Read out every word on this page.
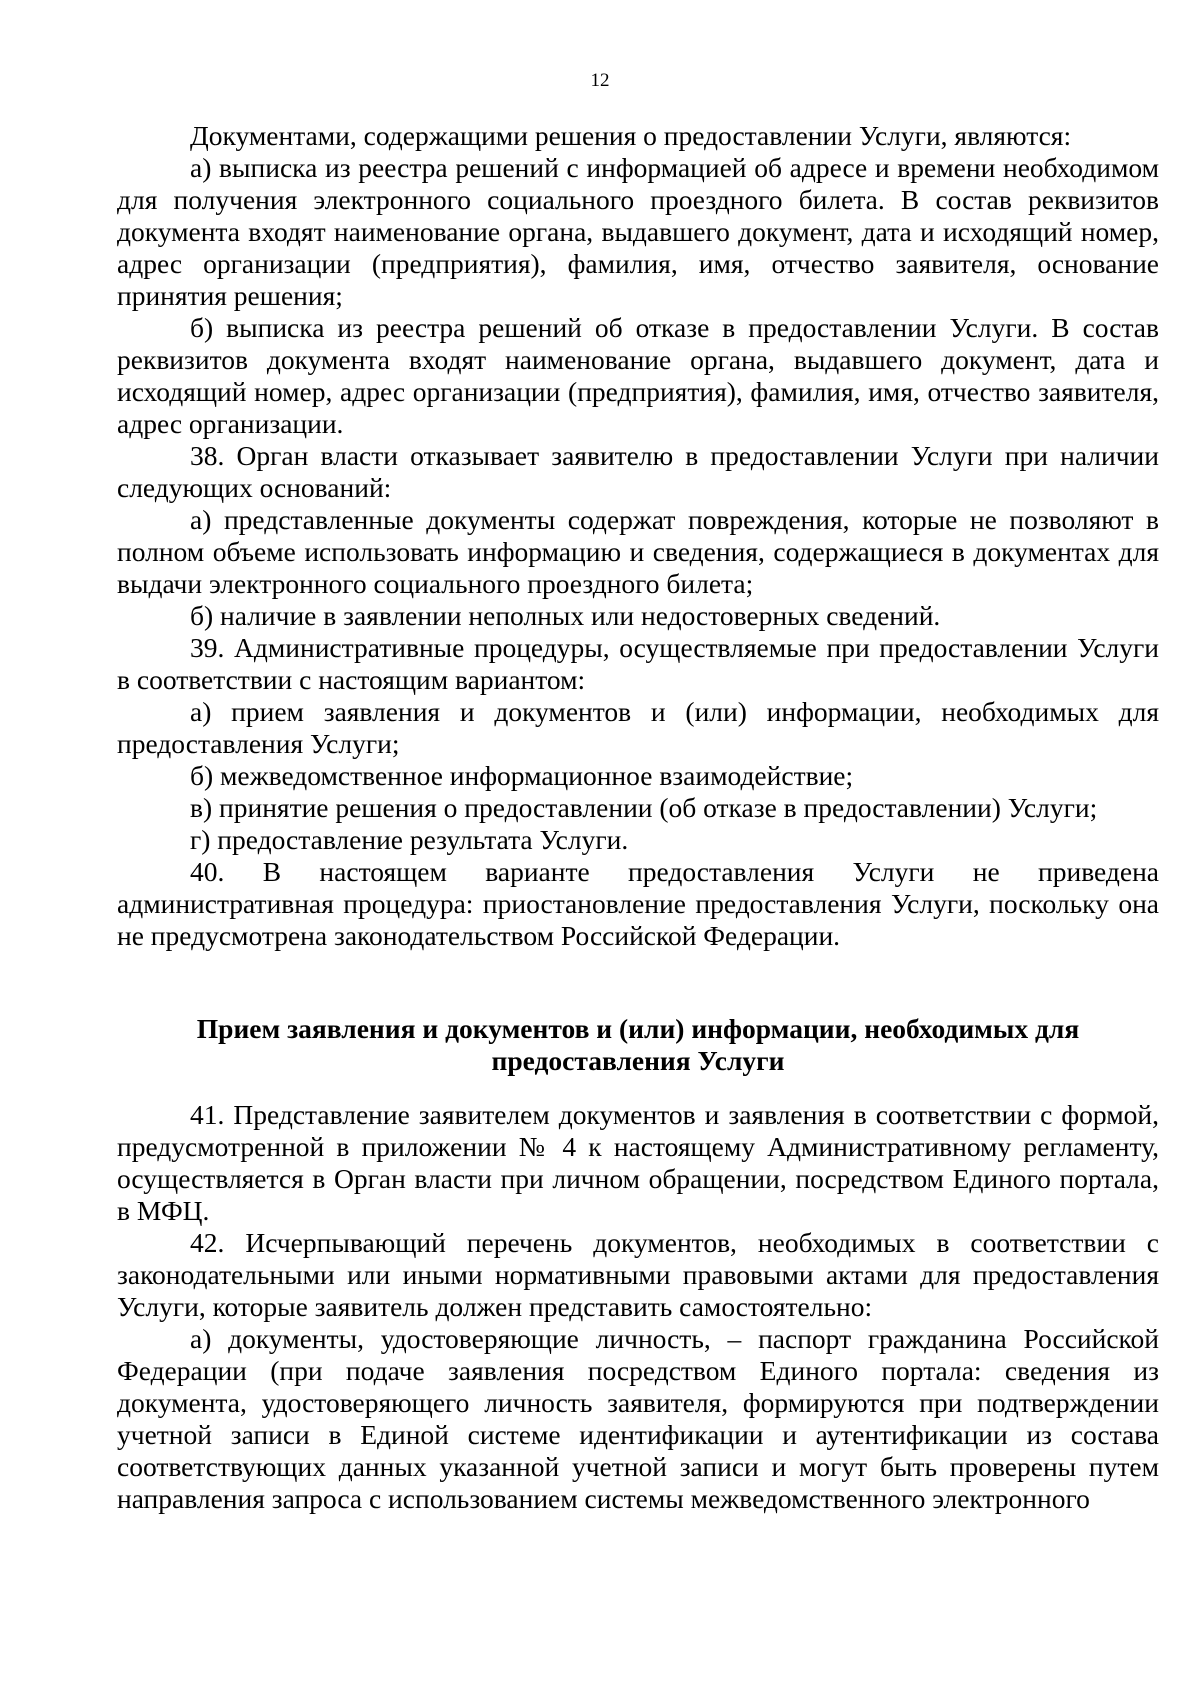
12

Документами, содержащими решения о предоставлении Услуги, являются:

а) выписка из реестра решений с информацией об адресе и времени необходимом для получения электронного социального проездного билета. В состав реквизитов документа входят наименование органа, выдавшего документ, дата и исходящий номер, адрес организации (предприятия), фамилия, имя, отчество заявителя, основание принятия решения;

б) выписка из реестра решений об отказе в предоставлении Услуги. В состав реквизитов документа входят наименование органа, выдавшего документ, дата и исходящий номер, адрес организации (предприятия), фамилия, имя, отчество заявителя, адрес организации.

38. Орган власти отказывает заявителю в предоставлении Услуги при наличии следующих оснований:

а) представленные документы содержат повреждения, которые не позволяют в полном объеме использовать информацию и сведения, содержащиеся в документах для выдачи электронного социального проездного билета;

б) наличие в заявлении неполных или недостоверных сведений.

39. Административные процедуры, осуществляемые при предоставлении Услуги в соответствии с настоящим вариантом:

а) прием заявления и документов и (или) информации, необходимых для предоставления Услуги;

б) межведомственное информационное взаимодействие;

в) принятие решения о предоставлении (об отказе в предоставлении) Услуги;

г) предоставление результата Услуги.

40. В настоящем варианте предоставления Услуги не приведена административная процедура: приостановление предоставления Услуги, поскольку она не предусмотрена законодательством Российской Федерации.

Прием заявления и документов и (или) информации, необходимых для
предоставления Услуги

41. Представление заявителем документов и заявления в соответствии с формой, предусмотренной в приложении № 4 к настоящему Административному регламенту, осуществляется в Орган власти при личном обращении, посредством Единого портала, в МФЦ.

42. Исчерпывающий перечень документов, необходимых в соответствии с законодательными или иными нормативными правовыми актами для предоставления Услуги, которые заявитель должен представить самостоятельно:

а) документы, удостоверяющие личность, – паспорт гражданина Российской Федерации (при подаче заявления посредством Единого портала: сведения из документа, удостоверяющего личность заявителя, формируются при подтверждении учетной записи в Единой системе идентификации и аутентификации из состава соответствующих данных указанной учетной записи и могут быть проверены путем направления запроса с использованием системы межведомственного электронного
